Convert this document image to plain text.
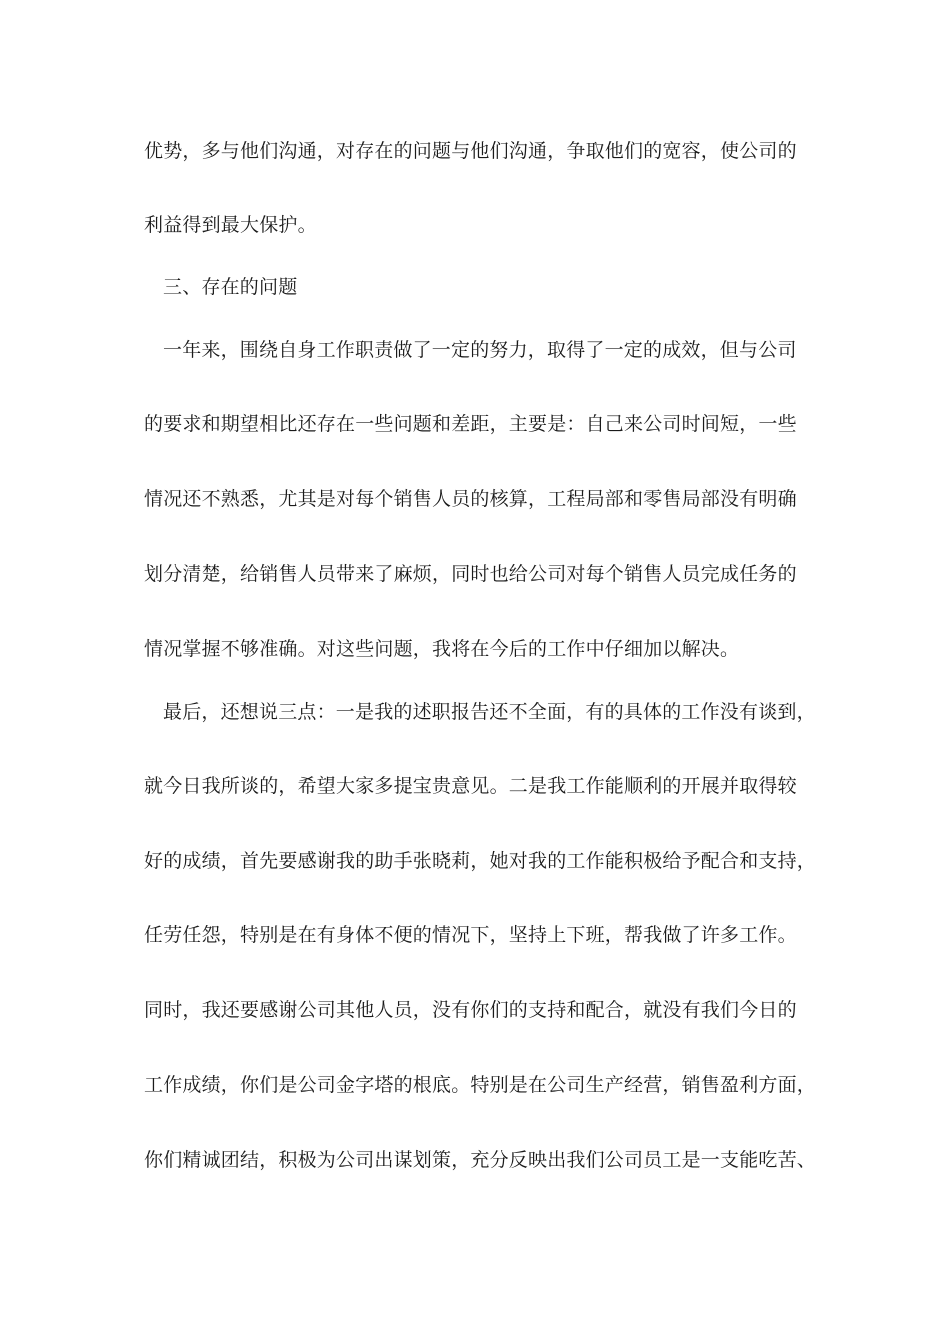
优势，多与他们沟通，对存在的问题与他们沟通，争取他们的宽容，使公司的
利益得到最大保护。
三、存在的问题
一年来，围绕自身工作职责做了一定的努力，取得了一定的成效，但与公司
的要求和期望相比还存在一些问题和差距，主要是：自己来公司时间短，一些
情况还不熟悉，尤其是对每个销售人员的核算，工程局部和零售局部没有明确
划分清楚，给销售人员带来了麻烦，同时也给公司对每个销售人员完成任务的
情况掌握不够准确。对这些问题，我将在今后的工作中仔细加以解决。
最后，还想说三点：一是我的述职报告还不全面，有的具体的工作没有谈到，
就今日我所谈的，希望大家多提宝贵意见。二是我工作能顺利的开展并取得较
好的成绩，首先要感谢我的助手张晓莉，她对我的工作能积极给予配合和支持，
任劳任怨，特别是在有身体不便的情况下，坚持上下班，帮我做了许多工作。
同时，我还要感谢公司其他人员，没有你们的支持和配合，就没有我们今日的
工作成绩，你们是公司金字塔的根底。特别是在公司生产经营，销售盈利方面，
你们精诚团结，积极为公司出谋划策，充分反映出我们公司员工是一支能吃苦、
